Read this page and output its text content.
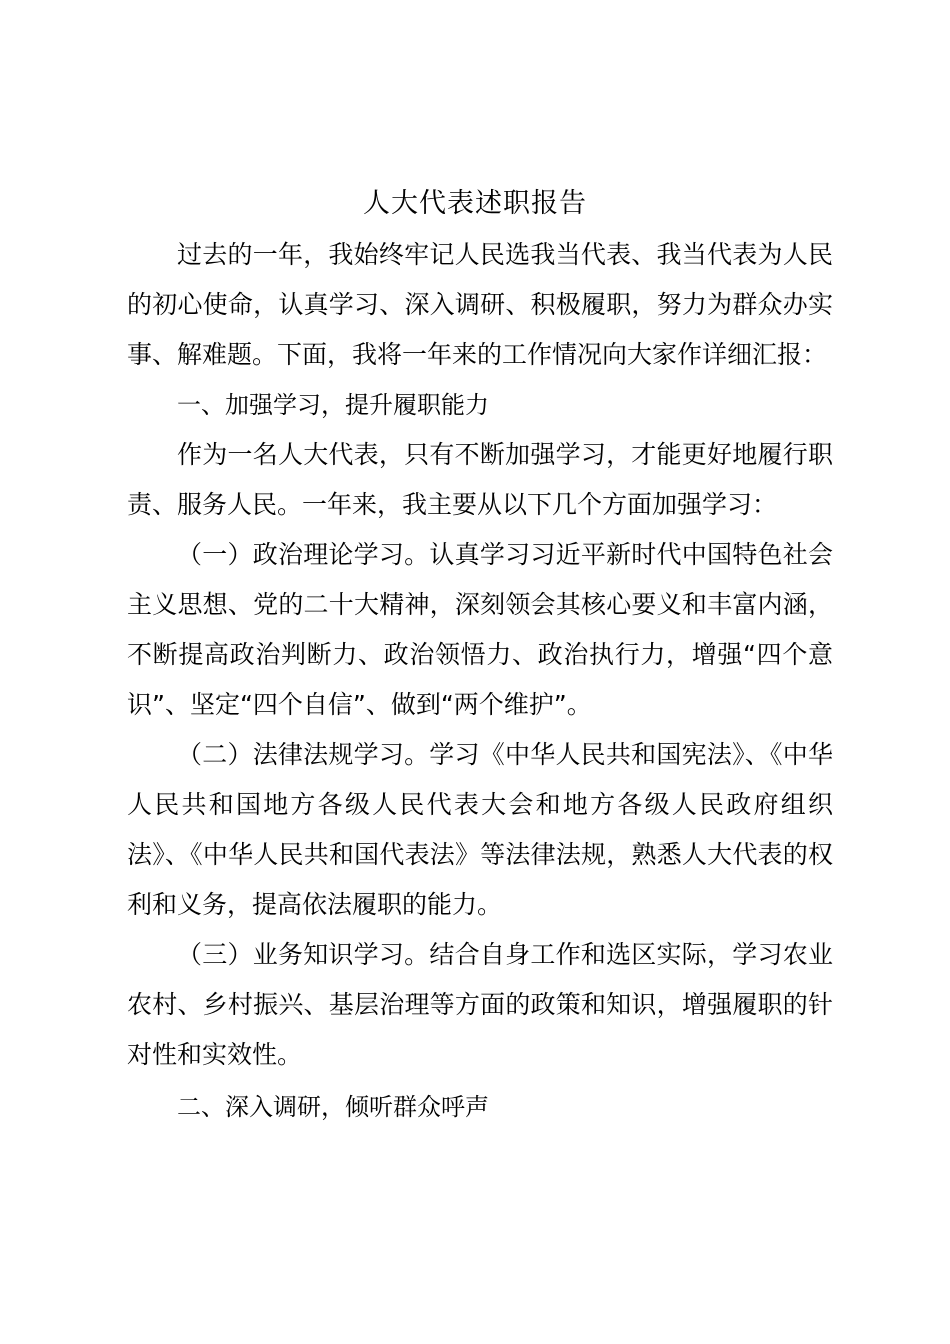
人大代表述职报告

过去的一年，我始终牢记人民选我当代表、我当代表为人民的初心使命，认真学习、深入调研、积极履职，努力为群众办实事、解难题。下面，我将一年来的工作情况向大家作详细汇报：

一、加强学习，提升履职能力

作为一名人大代表，只有不断加强学习，才能更好地履行职责、服务人民。一年来，我主要从以下几个方面加强学习：

（一）政治理论学习。认真学习习近平新时代中国特色社会主义思想、党的二十大精神，深刻领会其核心要义和丰富内涵，不断提高政治判断力、政治领悟力、政治执行力，增强“四个意识”、坚定“四个自信”、做到“两个维护”。

（二）法律法规学习。学习《中华人民共和国宪法》、《中华人民共和国地方各级人民代表大会和地方各级人民政府组织法》、《中华人民共和国代表法》等法律法规，熟悉人大代表的权利和义务，提高依法履职的能力。

（三）业务知识学习。结合自身工作和选区实际，学习农业农村、乡村振兴、基层治理等方面的政策和知识，增强履职的针对性和实效性。

二、深入调研，倾听群众呼声
